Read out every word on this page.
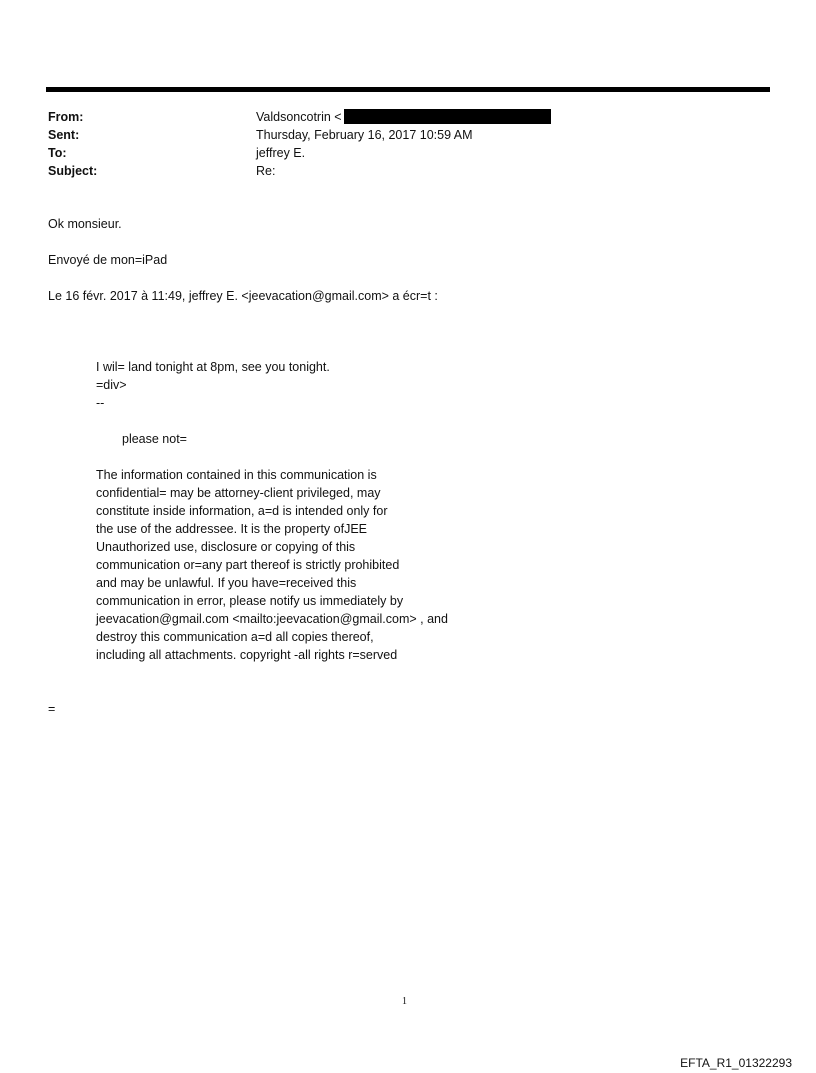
From:	Valdsoncotrin <
Sent:	Thursday, February 16, 2017 10:59 AM
To:	jeffrey E.
Subject:	Re:
Ok monsieur.
Envoyé de mon=iPad
Le 16 févr. 2017 à 11:49, jeffrey E. <jeevacation@gmail.com> a écr=t :
I wil= land tonight at 8pm, see you tonight.
=div>
--
please not=
The information contained in this communication is
confidential= may be attorney-client privileged, may
constitute inside information, a=d is intended only for
the use of the addressee. It is the property ofJEE
Unauthorized use, disclosure or copying of this
communication or=any part thereof is strictly prohibited
and may be unlawful. If you have=received this
communication in error, please notify us immediately by
jeevacation@gmail.com <mailto:jeevacation@gmail.com> , and
destroy this communication a=d all copies thereof,
including all attachments. copyright -all rights r=served
=
1
EFTA_R1_01322293
